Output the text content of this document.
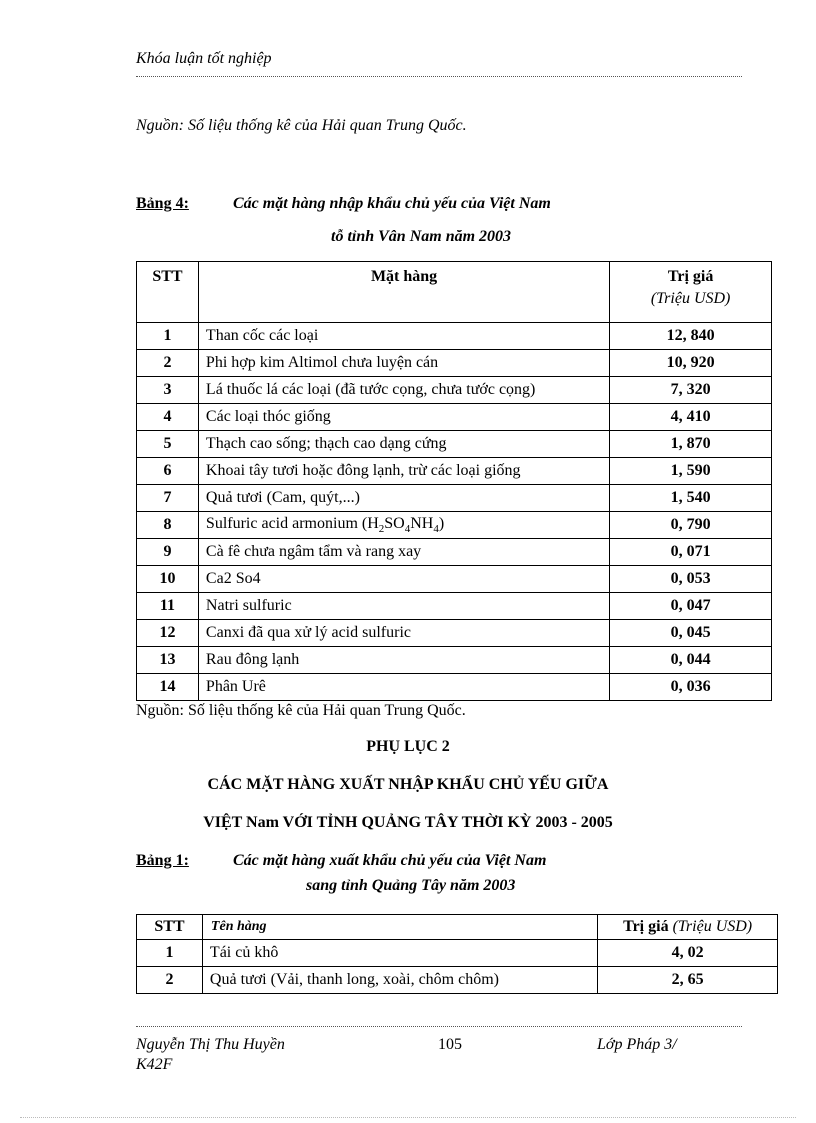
Khóa luận tốt nghiệp
Nguồn: Số liệu thống kê của Hải quan Trung Quốc.
Bảng 4:	Các mặt hàng nhập khẩu chủ yếu của Việt Nam
tỗ tỉnh Vân Nam năm 2003
STT	Mặt hàng	Trị giá
(Triệu USD)

1	Than cốc các loại	12, 840
2	Phi hợp kim Altimol chưa luyện cán	10, 920
3	Lá thuốc lá các loại (đã tước cọng, chưa tước cọng)	7, 320
4	Các loại thóc giống	4, 410
5	Thạch cao sống; thạch cao dạng cứng	1, 870
6	Khoai tây tươi hoặc đông lạnh, trừ các loại giống	1, 590
7	Quả tươi (Cam, quýt,...)	1, 540
8	Sulfuric acid armonium $(H_2SO_4NH_4)$	0, 790
9	Cà fê chưa ngâm tẩm và rang xay	0, 071
10	Ca2 So4	0, 053
11	Natri sulfuric	0, 047
12	Canxi đã qua xử lý acid sulfuric	0, 045
13	Rau đông lạnh	0, 044
14	Phân Urê	0, 036
Nguồn: Số liệu thống kê của Hải quan Trung Quốc.
PHỤ LỤC 2
CÁC MẶT HÀNG XUẤT NHẬP KHẨU CHỦ YẾU GIỮA
VIỆT Nam VỚI TỈNH QUẢNG TÂY THỜI KỲ 2003 - 2005
Bảng 1:	Các mặt hàng xuất khẩu chủ yếu của Việt Nam
sang tỉnh Quảng Tây năm 2003
STT	Tên hàng	Trị giá (Triệu USD)
1	Tái củ khô	4, 02
2	Quả tươi (Vải, thanh long, xoài, chôm chôm)	2, 65
Nguyễn Thị Thu Huyền	105	Lớp Pháp 3/
K42F
